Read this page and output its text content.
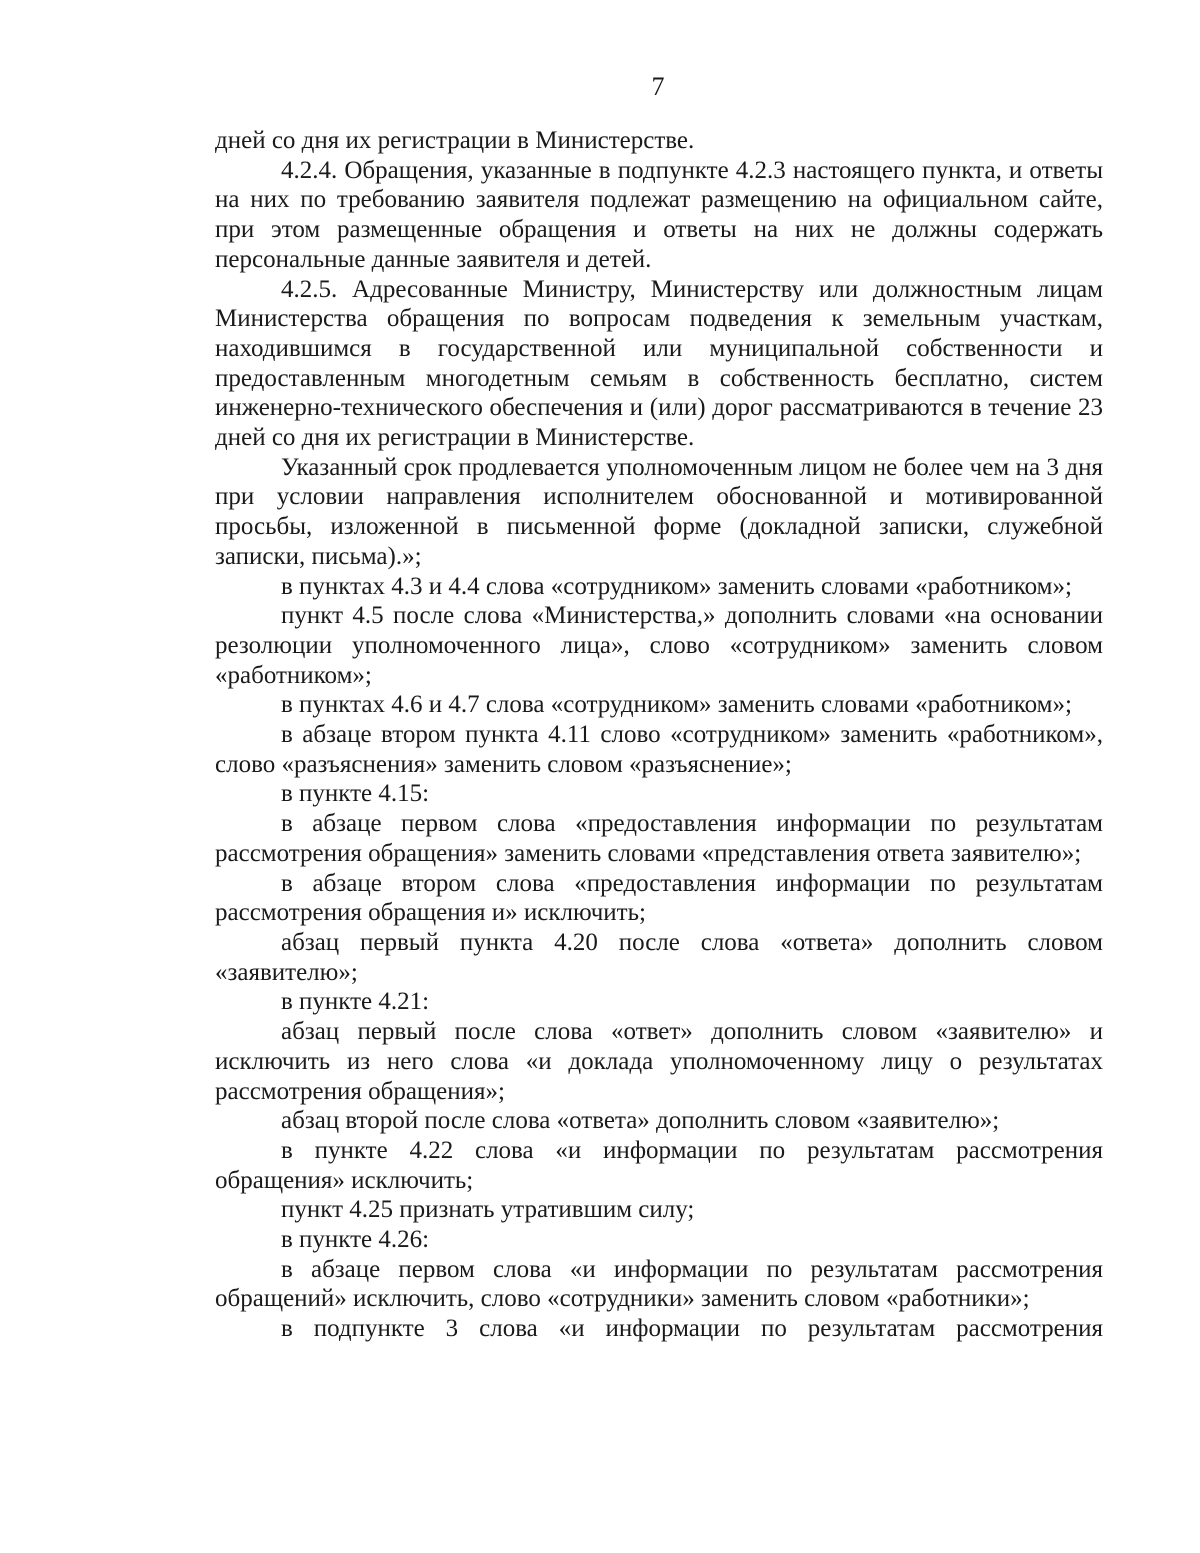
7

дней со дня их регистрации в Министерстве.

4.2.4. Обращения, указанные в подпункте 4.2.3 настоящего пункта, и ответы на них по требованию заявителя подлежат размещению на официальном сайте, при этом размещенные обращения и ответы на них не должны содержать персональные данные заявителя и детей.

4.2.5. Адресованные Министру, Министерству или должностным лицам Министерства обращения по вопросам подведения к земельным участкам, находившимся в государственной или муниципальной собственности и предоставленным многодетным семьям в собственность бесплатно, систем инженерно-технического обеспечения и (или) дорог рассматриваются в течение 23 дней со дня их регистрации в Министерстве.

Указанный срок продлевается уполномоченным лицом не более чем на 3 дня при условии направления исполнителем обоснованной и мотивированной просьбы, изложенной в письменной форме (докладной записки, служебной записки, письма).»;

в пунктах 4.3 и 4.4 слова «сотрудником» заменить словами «работником»;

пункт 4.5 после слова «Министерства,» дополнить словами «на основании резолюции уполномоченного лица», слово «сотрудником» заменить словом «работником»;

в пунктах 4.6 и 4.7 слова «сотрудником» заменить словами «работником»;

в абзаце втором пункта 4.11 слово «сотрудником» заменить «работником», слово «разъяснения» заменить словом «разъяснение»;

в пункте 4.15:

в абзаце первом слова «предоставления информации по результатам рассмотрения обращения» заменить словами «представления ответа заявителю»;

в абзаце втором слова «предоставления информации по результатам рассмотрения обращения и» исключить;

абзац первый пункта 4.20 после слова «ответа» дополнить словом «заявителю»;

в пункте 4.21:

абзац первый после слова «ответ» дополнить словом «заявителю» и исключить из него слова «и доклада уполномоченному лицу о результатах рассмотрения обращения»;

абзац второй после слова «ответа» дополнить словом «заявителю»;

в пункте 4.22 слова «и информации по результатам рассмотрения обращения» исключить;

пункт 4.25 признать утратившим силу;

в пункте 4.26:

в абзаце первом слова «и информации по результатам рассмотрения обращений» исключить, слово «сотрудники» заменить словом «работники»;

в подпункте 3 слова «и информации по результатам рассмотрения
